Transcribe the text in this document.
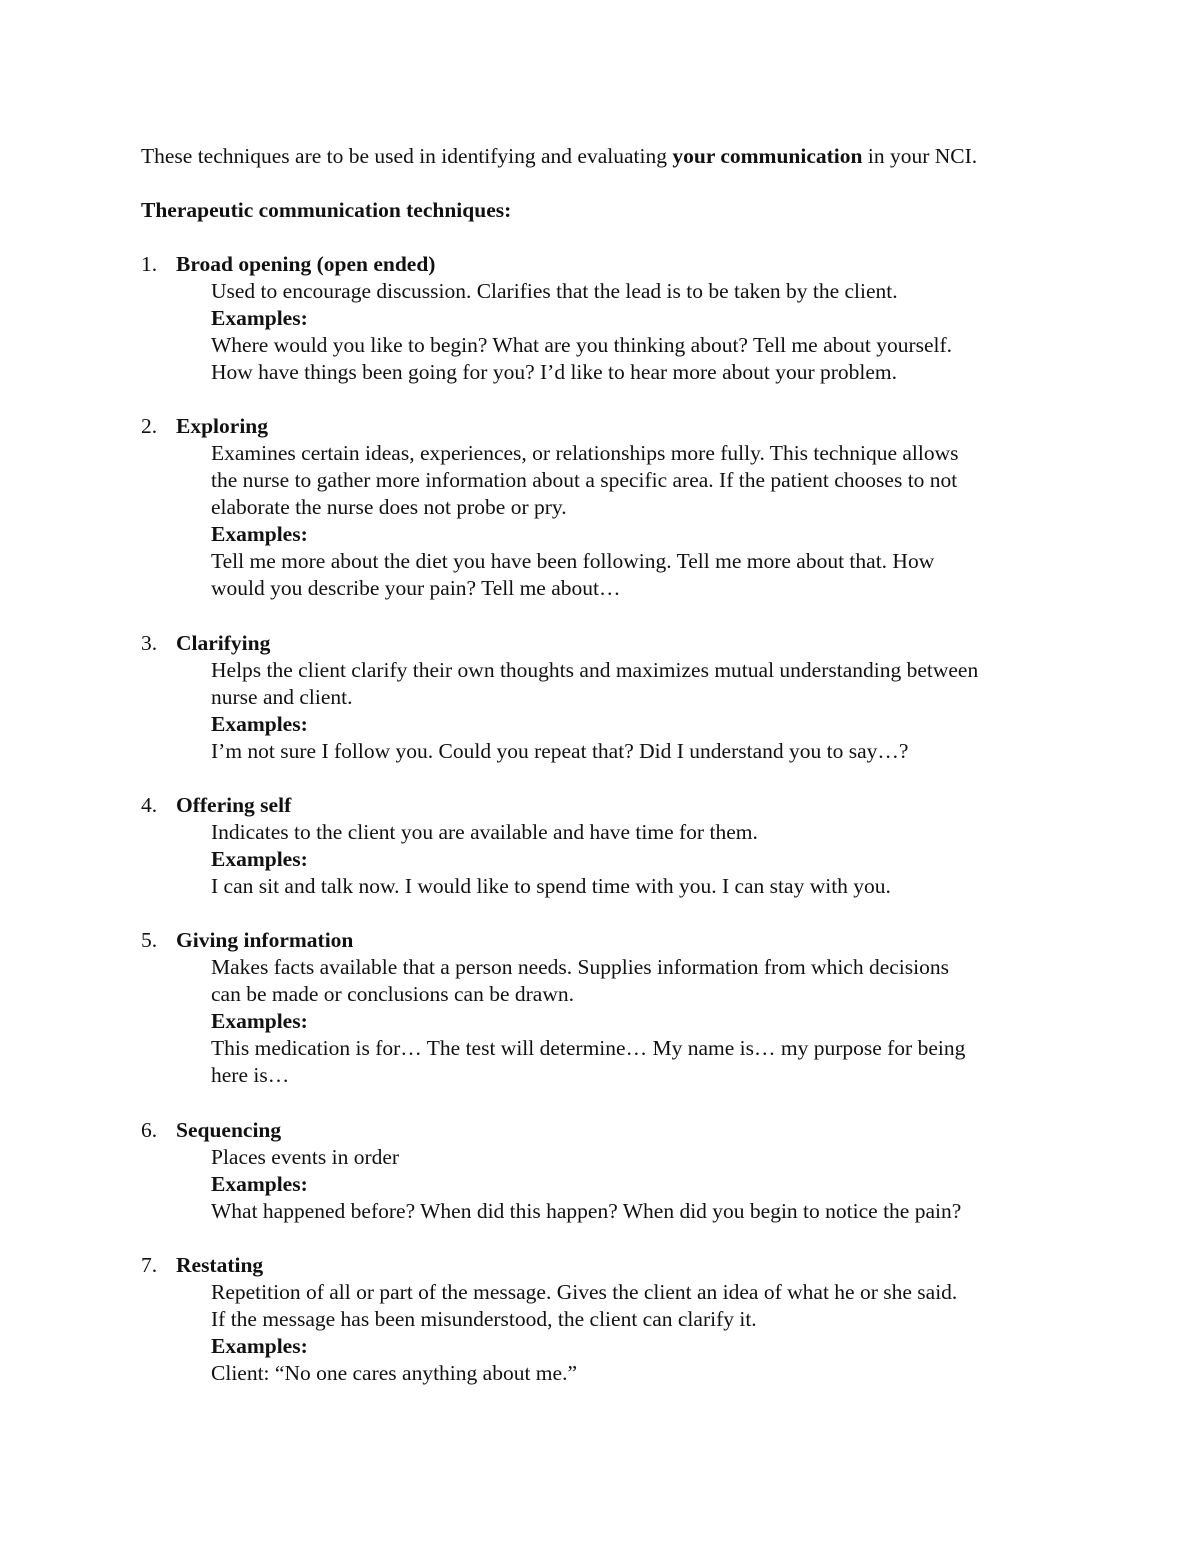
These techniques are to be used in identifying and evaluating your communication in your NCI.
Therapeutic communication techniques:
1. Broad opening (open ended)
Used to encourage discussion. Clarifies that the lead is to be taken by the client.
Examples:
Where would you like to begin? What are you thinking about? Tell me about yourself.
How have things been going for you? I’d like to hear more about your problem.
2. Exploring
Examines certain ideas, experiences, or relationships more fully. This technique allows
the nurse to gather more information about a specific area. If the patient chooses to not
elaborate the nurse does not probe or pry.
Examples:
Tell me more about the diet you have been following. Tell me more about that. How
would you describe your pain? Tell me about…
3. Clarifying
Helps the client clarify their own thoughts and maximizes mutual understanding between
nurse and client.
Examples:
I’m not sure I follow you. Could you repeat that? Did I understand you to say…?
4. Offering self
Indicates to the client you are available and have time for them.
Examples:
I can sit and talk now. I would like to spend time with you. I can stay with you.
5. Giving information
Makes facts available that a person needs. Supplies information from which decisions
can be made or conclusions can be drawn.
Examples:
This medication is for… The test will determine… My name is… my purpose for being
here is…
6. Sequencing
Places events in order
Examples:
What happened before? When did this happen? When did you begin to notice the pain?
7. Restating
Repetition of all or part of the message. Gives the client an idea of what he or she said.
If the message has been misunderstood, the client can clarify it.
Examples:
Client: “No one cares anything about me.”
